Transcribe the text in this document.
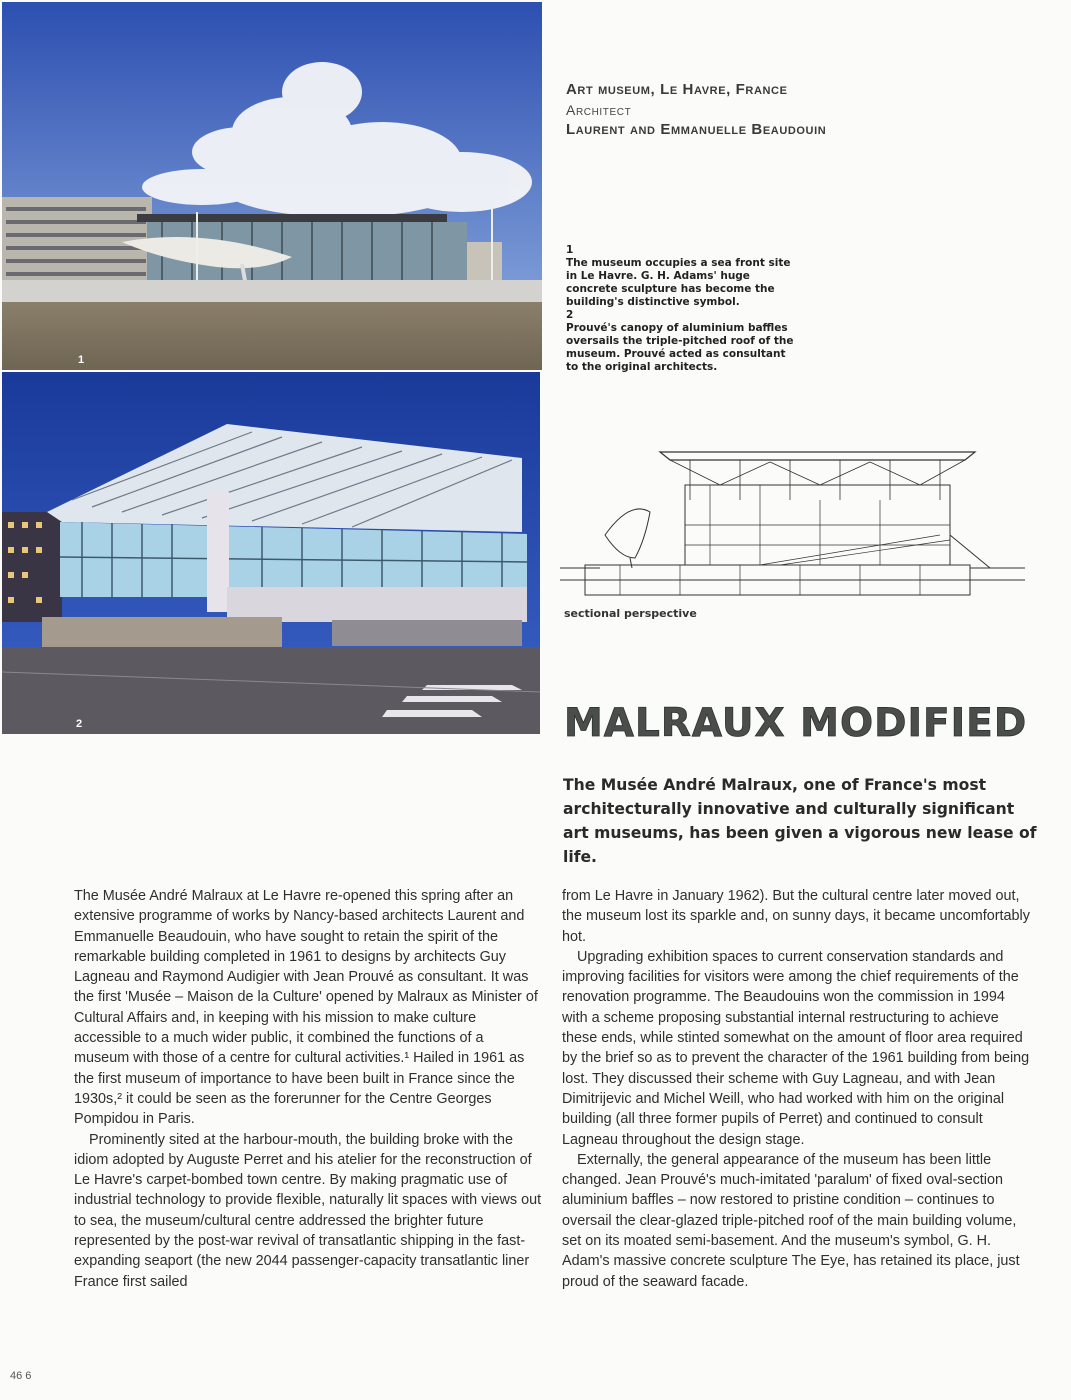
1
2
Art museum, Le Havre, France
Architect
Laurent and Emmanuelle Beaudouin

1

The museum occupies a sea front site in Le Havre. G. H. Adams' huge concrete sculpture has become the building's distinctive symbol.

2

Prouvé's canopy of aluminium baffles oversails the triple-pitched roof of the museum. Prouvé acted as consultant to the original architects.

sectional perspective
MALRAUX MODIFIED
The Musée André Malraux, one of France's most architecturally innovative and culturally significant art museums, has been given a vigorous new lease of life.

The Musée André Malraux at Le Havre re-opened this spring after an extensive programme of works by Nancy-based architects Laurent and Emmanuelle Beaudouin, who have sought to retain the spirit of the remarkable building completed in 1961 to designs by architects Guy Lagneau and Raymond Audigier with Jean Prouvé as consultant. It was the first 'Musée – Maison de la Culture' opened by Malraux as Minister of Cultural Affairs and, in keeping with his mission to make culture accessible to a much wider public, it combined the functions of a museum with those of a centre for cultural activities.¹ Hailed in 1961 as the first museum of importance to have been built in France since the 1930s,² it could be seen as the forerunner for the Centre Georges Pompidou in Paris.

Prominently sited at the harbour-mouth, the building broke with the idiom adopted by Auguste Perret and his atelier for the reconstruction of Le Havre's carpet-bombed town centre. By making pragmatic use of industrial technology to provide flexible, naturally lit spaces with views out to sea, the museum/cultural centre addressed the brighter future represented by the post-war revival of transatlantic shipping in the fast-expanding seaport (the new 2044 passenger-capacity transatlantic liner France first sailed

from Le Havre in January 1962). But the cultural centre later moved out, the museum lost its sparkle and, on sunny days, it became uncomfortably hot.

Upgrading exhibition spaces to current conservation standards and improving facilities for visitors were among the chief requirements of the renovation programme. The Beaudouins won the commission in 1994 with a scheme proposing substantial internal restructuring to achieve these ends, while stinted somewhat on the amount of floor area required by the brief so as to prevent the character of the 1961 building from being lost. They discussed their scheme with Guy Lagneau, and with Jean Dimitrijevic and Michel Weill, who had worked with him on the original building (all three former pupils of Perret) and continued to consult Lagneau throughout the design stage.

Externally, the general appearance of the museum has been little changed. Jean Prouvé's much-imitated 'paralum' of fixed oval-section aluminium baffles – now restored to pristine condition – continues to oversail the clear-glazed triple-pitched roof of the main building volume, set on its moated semi-basement. And the museum's symbol, G. H. Adam's massive concrete sculpture The Eye, has retained its place, just proud of the seaward facade.

46 6
